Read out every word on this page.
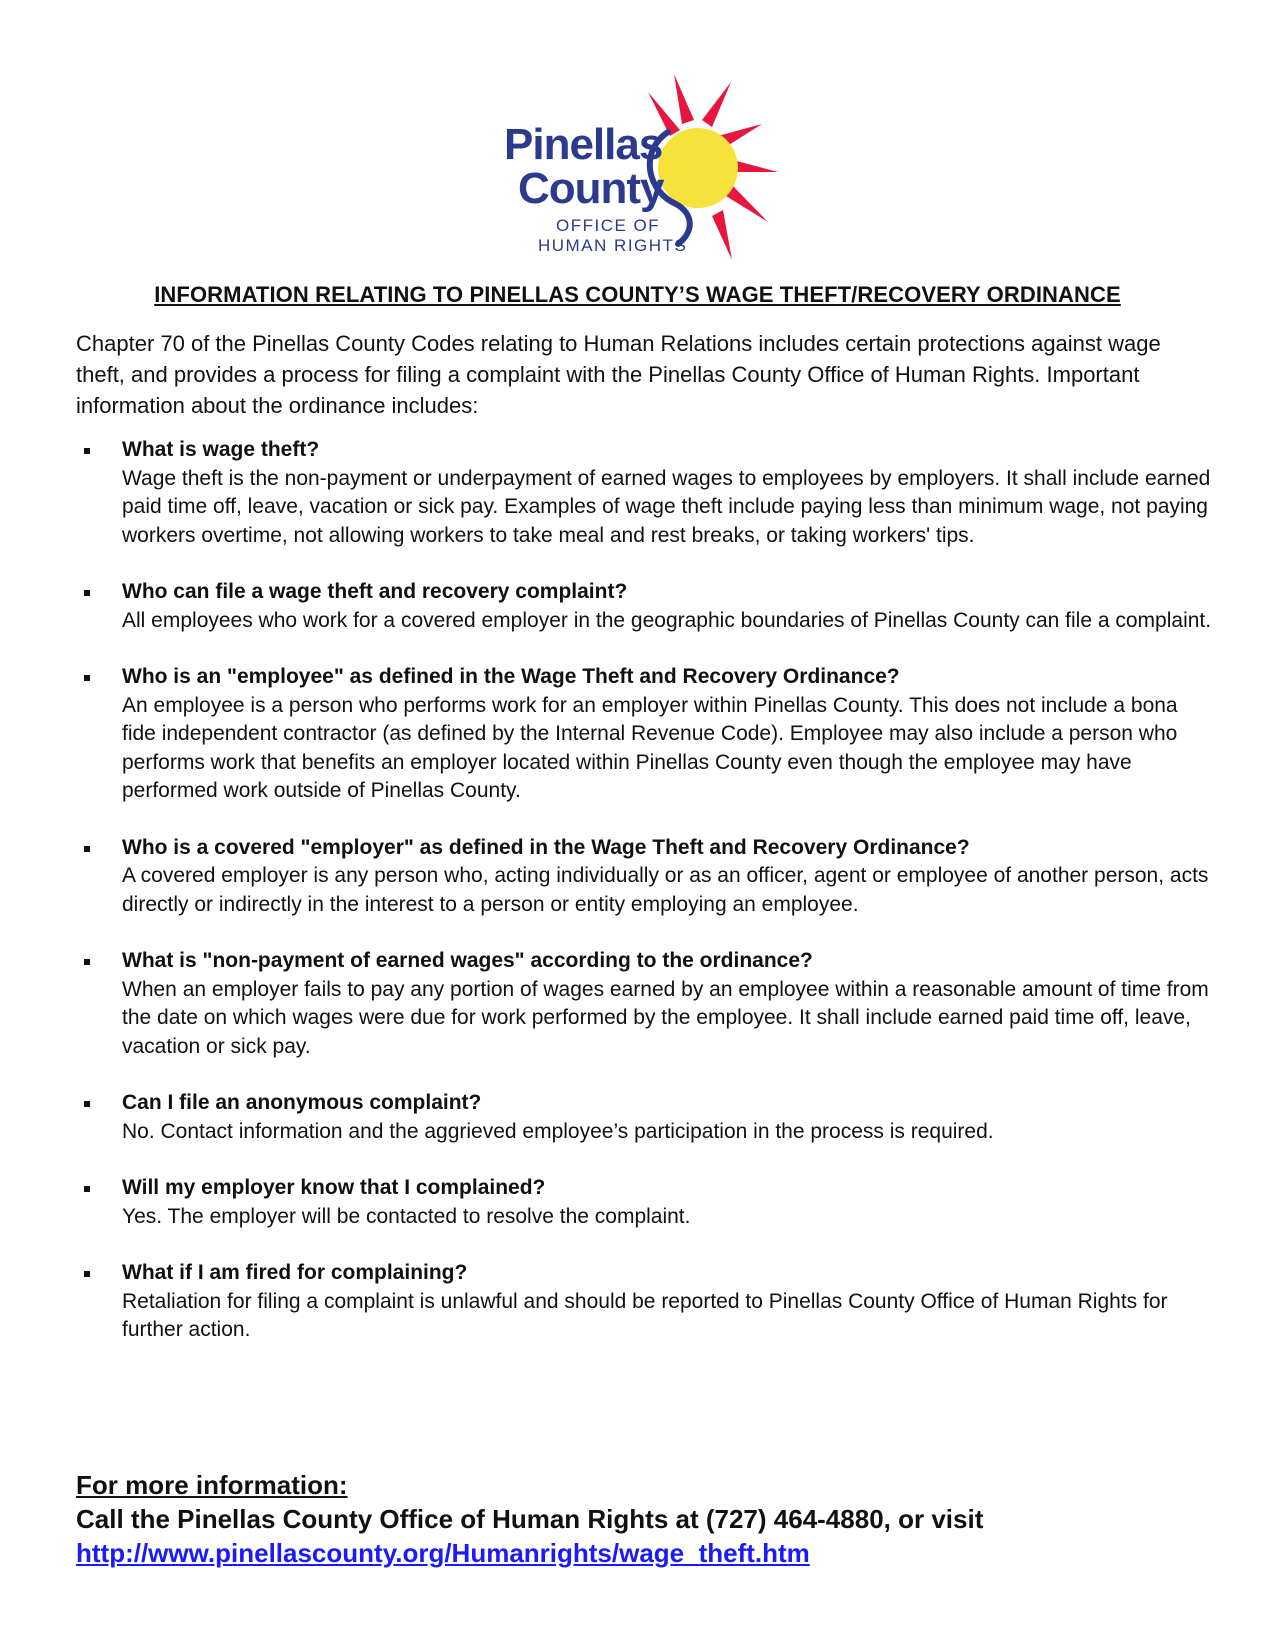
Pinellas
County
OFFICE OF
HUMAN RIGHTS
INFORMATION RELATING TO PINELLAS COUNTY’S WAGE THEFT/RECOVERY ORDINANCE
Chapter 70 of the Pinellas County Codes relating to Human Relations includes certain protections against wage theft, and provides a process for filing a complaint with the Pinellas County Office of Human Rights. Important information about the ordinance includes:
What is wage theft?
Wage theft is the non-payment or underpayment of earned wages to employees by employers. It shall include earned paid time off, leave, vacation or sick pay. Examples of wage theft include paying less than minimum wage, not paying workers overtime, not allowing workers to take meal and rest breaks, or taking workers' tips.
Who can file a wage theft and recovery complaint?
All employees who work for a covered employer in the geographic boundaries of Pinellas County can file a complaint.
Who is an "employee" as defined in the Wage Theft and Recovery Ordinance?
An employee is a person who performs work for an employer within Pinellas County. This does not include a bona fide independent contractor (as defined by the Internal Revenue Code). Employee may also include a person who performs work that benefits an employer located within Pinellas County even though the employee may have performed work outside of Pinellas County.
Who is a covered "employer" as defined in the Wage Theft and Recovery Ordinance?
A covered employer is any person who, acting individually or as an officer, agent or employee of another person, acts directly or indirectly in the interest to a person or entity employing an employee.
What is "non-payment of earned wages" according to the ordinance?
When an employer fails to pay any portion of wages earned by an employee within a reasonable amount of time from the date on which wages were due for work performed by the employee. It shall include earned paid time off, leave, vacation or sick pay.
Can I file an anonymous complaint?
No. Contact information and the aggrieved employee’s participation in the process is required.
Will my employer know that I complained?
Yes. The employer will be contacted to resolve the complaint.
What if I am fired for complaining?
Retaliation for filing a complaint is unlawful and should be reported to Pinellas County Office of Human Rights for further action.
For more information:
Call the Pinellas County Office of Human Rights at (727) 464-4880, or visit
http://www.pinellascounty.org/Humanrights/wage_theft.htm
